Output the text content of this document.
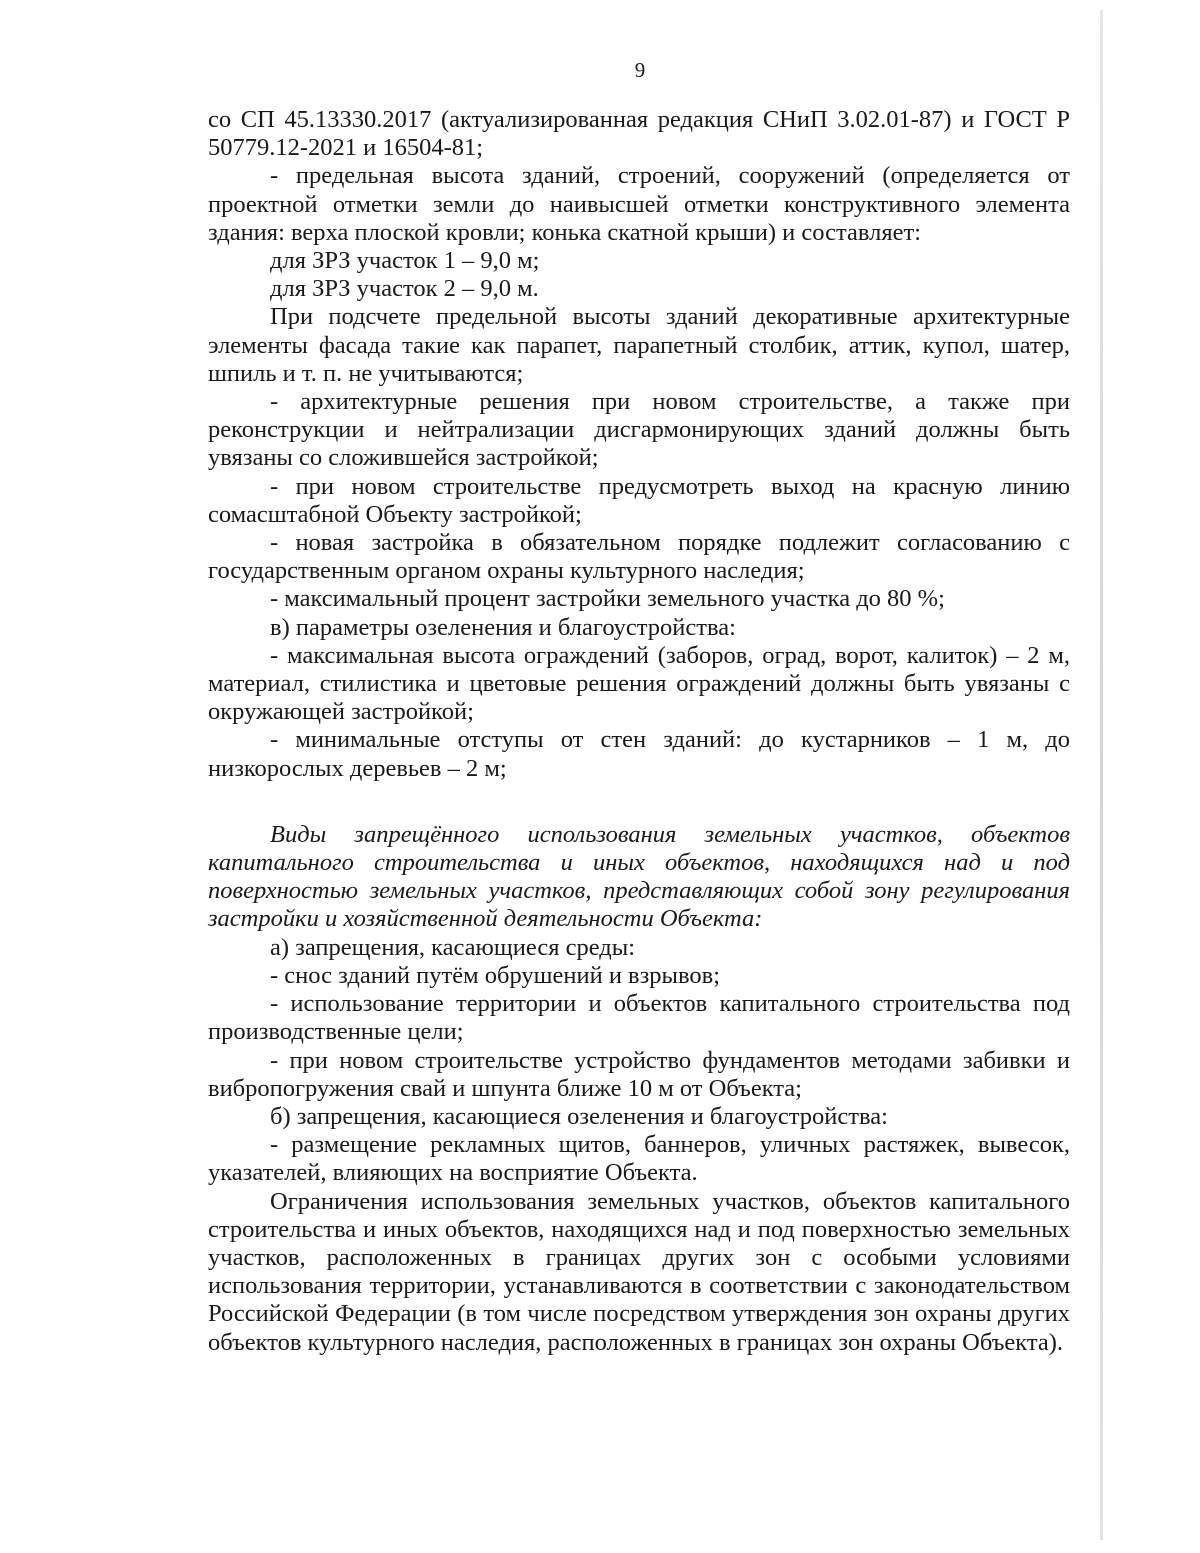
9

со СП 45.13330.2017 (актуализированная редакция СНиП 3.02.01-87) и ГОСТ Р 50779.12-2021 и 16504-81;

- предельная высота зданий, строений, сооружений (определяется от проектной отметки земли до наивысшей отметки конструктивного элемента здания: верха плоской кровли; конька скатной крыши) и составляет:

для ЗРЗ участок 1 – 9,0 м;

для ЗРЗ участок 2 – 9,0 м.

При подсчете предельной высоты зданий декоративные архитектурные элементы фасада такие как парапет, парапетный столбик, аттик, купол, шатер, шпиль и т. п. не учитываются;

- архитектурные решения при новом строительстве, а также при реконструкции и нейтрализации дисгармонирующих зданий должны быть увязаны со сложившейся застройкой;

- при новом строительстве предусмотреть выход на красную линию сомасштабной Объекту застройкой;

- новая застройка в обязательном порядке подлежит согласованию с государственным органом охраны культурного наследия;

- максимальный процент застройки земельного участка до 80 %;

в) параметры озеленения и благоустройства:

- максимальная высота ограждений (заборов, оград, ворот, калиток) – 2 м, материал, стилистика и цветовые решения ограждений должны быть увязаны с окружающей застройкой;

- минимальные отступы от стен зданий: до кустарников – 1 м, до низкорослых деревьев – 2 м;

Виды запрещённого использования земельных участков, объектов капитального строительства и иных объектов, находящихся над и под поверхностью земельных участков, представляющих собой зону регулирования застройки и хозяйственной деятельности Объекта:

а) запрещения, касающиеся среды:

- снос зданий путём обрушений и взрывов;

- использование территории и объектов капитального строительства под производственные цели;

- при новом строительстве устройство фундаментов методами забивки и вибропогружения свай и шпунта ближе 10 м от Объекта;

б) запрещения, касающиеся озеленения и благоустройства:

- размещение рекламных щитов, баннеров, уличных растяжек, вывесок, указателей, влияющих на восприятие Объекта.

Ограничения использования земельных участков, объектов капитального строительства и иных объектов, находящихся над и под поверхностью земельных участков, расположенных в границах других зон с особыми условиями использования территории, устанавливаются в соответствии с законодательством Российской Федерации (в том числе посредством утверждения зон охраны других объектов культурного наследия, расположенных в границах зон охраны Объекта).
